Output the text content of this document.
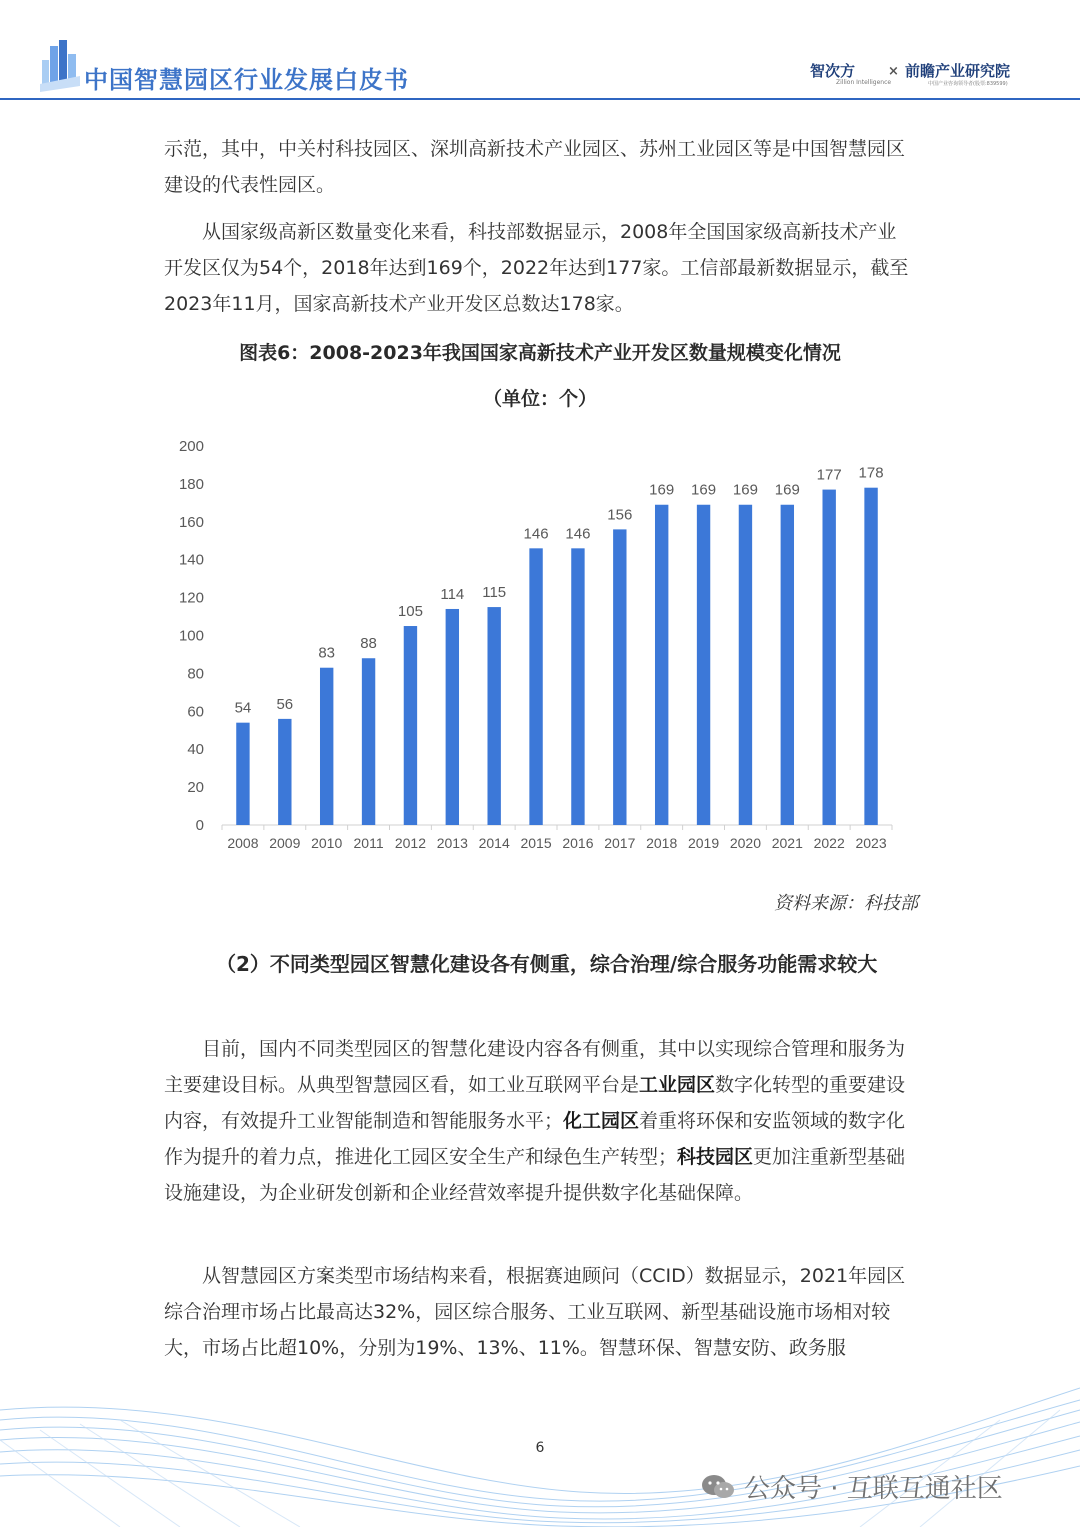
中国智慧园区行业发展白皮书	智次方
Zillion Intelligence
× 前瞻产业研究院
中国产业咨询领导者(股票:839599)

示范，其中，中关村科技园区、深圳高新技术产业园区、苏州工业园区等是中国智慧园区建设的代表性园区。

从国家级高新区数量变化来看，科技部数据显示，2008年全国国家级高新技术产业开发区仅为54个，2018年达到169个，2022年达到177家。工信部最新数据显示，截至2023年11月，国家高新技术产业开发区总数达178家。

图表6：2008-2023年我国国家高新技术产业开发区数量规模变化情况
（单位：个）
0
20
40
60
80
100
120
140
160
180
200
54
2008
56
2009
83
2010
88
2011
105
2012
114
2013
115
2014
146
2015
146
2016
156
2017
169
2018
169
2019
169
2020
169
2021
177
2022
178
2023
资料来源：科技部
（2）不同类型园区智慧化建设各有侧重，综合治理/综合服务功能需求较大

目前，国内不同类型园区的智慧化建设内容各有侧重，其中以实现综合管理和服务为主要建设目标。从典型智慧园区看，如工业互联网平台是工业园区数字化转型的重要建设内容，有效提升工业智能制造和智能服务水平；化工园区着重将环保和安监领域的数字化作为提升的着力点，推进化工园区安全生产和绿色生产转型；科技园区更加注重新型基础设施建设，为企业研发创新和企业经营效率提升提供数字化基础保障。

从智慧园区方案类型市场结构来看，根据赛迪顾问（CCID）数据显示，2021年园区综合治理市场占比最高达32%，园区综合服务、工业互联网、新型基础设施市场相对较大，市场占比超10%，分别为19%、13%、11%。智慧环保、智慧安防、政务服

6
公众号 · 互联互通社区
